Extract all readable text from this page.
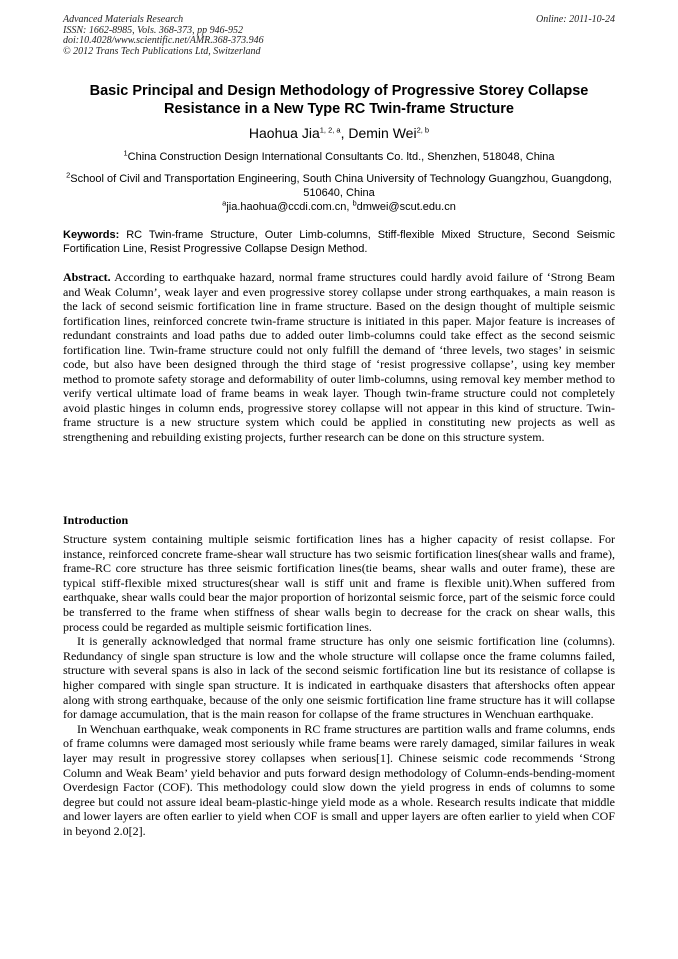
Advanced Materials Research
ISSN: 1662-8985, Vols. 368-373, pp 946-952
doi:10.4028/www.scientific.net/AMR.368-373.946
© 2012 Trans Tech Publications Ltd, Switzerland
Online: 2011-10-24
Basic Principal and Design Methodology of Progressive Storey Collapse
Resistance in a New Type RC Twin-frame Structure
Haohua Jia$^{1, 2, a}$, Demin Wei$^{2, b}$
$^1$China Construction Design International Consultants Co. ltd., Shenzhen, 518048, China
$^2$School of Civil and Transportation Engineering, South China University of Technology Guangzhou, Guangdong, 510640, China
$^a$jia.haohua@ccdi.com.cn, $^b$dmwei@scut.edu.cn
Keywords: RC Twin-frame Structure, Outer Limb-columns, Stiff-flexible Mixed Structure, Second Seismic Fortification Line, Resist Progressive Collapse Design Method.
Abstract. According to earthquake hazard, normal frame structures could hardly avoid failure of ‘Strong Beam and Weak Column’, weak layer and even progressive storey collapse under strong earthquakes, a main reason is the lack of second seismic fortification line in frame structure. Based on the design thought of multiple seismic fortification lines, reinforced concrete twin-frame structure is initiated in this paper. Major feature is increases of redundant constraints and load paths due to added outer limb-columns could take effect as the second seismic fortification line. Twin-frame structure could not only fulfill the demand of ‘three levels, two stages’ in seismic code, but also have been designed through the third stage of ‘resist progressive collapse’, using key member method to promote safety storage and deformability of outer limb-columns, using removal key member method to verify vertical ultimate load of frame beams in weak layer. Though twin-frame structure could not completely avoid plastic hinges in column ends, progressive storey collapse will not appear in this kind of structure. Twin-frame structure is a new structure system which could be applied in constituting new projects as well as strengthening and rebuilding existing projects, further research can be done on this structure system.
Introduction

Structure system containing multiple seismic fortification lines has a higher capacity of resist collapse. For instance, reinforced concrete frame-shear wall structure has two seismic fortification lines(shear walls and frame), frame-RC core structure has three seismic fortification lines(tie beams, shear walls and outer frame), these are typical stiff-flexible mixed structures(shear wall is stiff unit and frame is flexible unit).When suffered from earthquake, shear walls could bear the major proportion of horizontal seismic force, part of the seismic force could be transferred to the frame when stiffness of shear walls begin to decrease for the crack on shear walls, this process could be regarded as multiple seismic fortification lines.

It is generally acknowledged that normal frame structure has only one seismic fortification line (columns). Redundancy of single span structure is low and the whole structure will collapse once the frame columns failed, structure with several spans is also in lack of the second seismic fortification line but its resistance of collapse is higher compared with single span structure. It is indicated in earthquake disasters that aftershocks often appear along with strong earthquake, because of the only one seismic fortification line frame structure has it will collapse for damage accumulation, that is the main reason for collapse of the frame structures in Wenchuan earthquake.

In Wenchuan earthquake, weak components in RC frame structures are partition walls and frame columns, ends of frame columns were damaged most seriously while frame beams were rarely damaged, similar failures in weak layer may result in progressive storey collapses when serious[1]. Chinese seismic code recommends ‘Strong Column and Weak Beam’ yield behavior and puts forward design methodology of Column-ends-bending-moment Overdesign Factor (COF). This methodology could slow down the yield progress in ends of columns to some degree but could not assure ideal beam-plastic-hinge yield mode as a whole. Research results indicate that middle and lower layers are often earlier to yield when COF is small and upper layers are often earlier to yield when COF in beyond 2.0[2].
